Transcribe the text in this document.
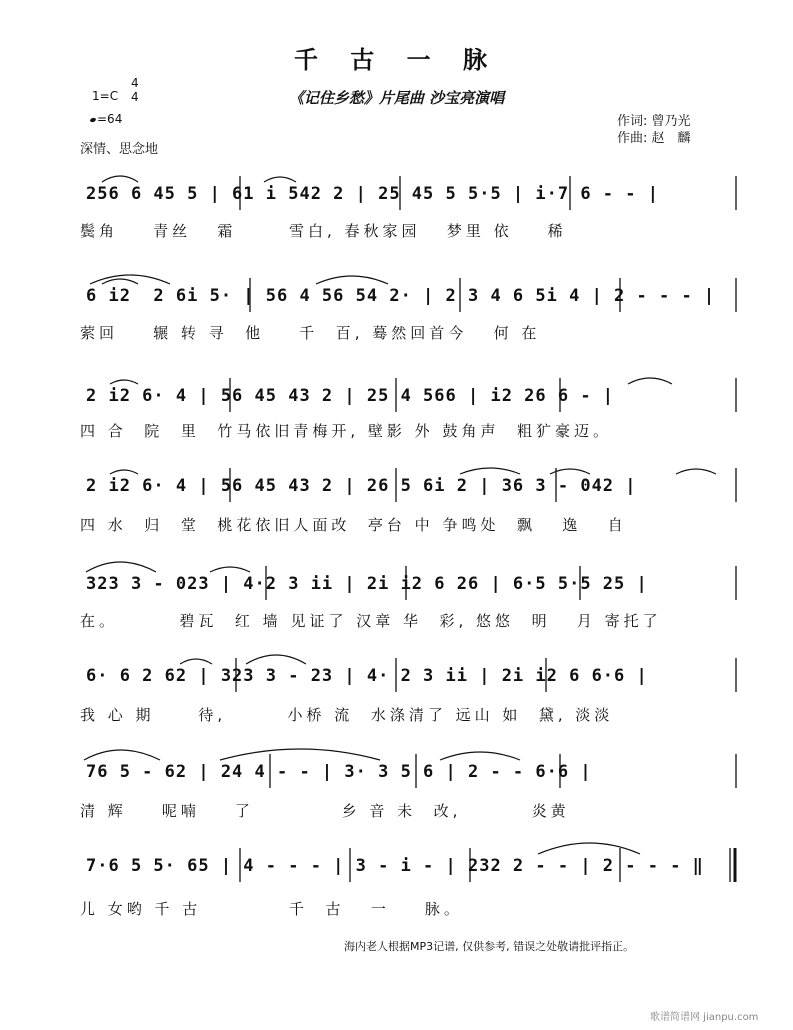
千 古 一 脉
《记住乡愁》片尾曲 沙宝亮演唱
1=C
4
4
=64
深情、思念地
作词: 曾乃光
作曲: 赵　麟
256 6 45 5 | 61 i 542 2 | 25 45 5 5·5 | i·7 6 - - |
鬓角    青丝   霜      雪白, 春秋家园   梦里 依    稀
6 i2  2 6i 5· | 56 4 56 54 2· | 2 3 4 6 5i 4 | 2 - - - |
萦回    辗 转 寻  他    千  百, 蓦然回首今   何 在
2 i2 6· 4 | 56 45 43 2 | 25 4 566 | i2 26 6 - |
四 合  院  里  竹马依旧青梅开, 壁影 外 鼓角声  粗犷豪迈。
2 i2 6· 4 | 56 45 43 2 | 26 5 6i 2 | 36 3 - 042 |
四 水  归  堂  桃花依旧人面改  亭台 中 争鸣处  飘   逸   自
323 3 - 023 | 4·2 3 ii | 2i i2 6 26 | 6·5 5·5 25 |
在。       碧瓦  红 墙 见证了 汉章 华  彩, 悠悠  明   月 寄托了
6· 6 2 62 | 323 3 - 23 | 4· 2 3 ii | 2i i2 6 6·6 |
我 心 期     待,       小桥 流  水涤清了 远山 如  黛, 淡淡
76 5 - 62 | 24 4 - - | 3· 3 5 6 | 2 - - 6·6 |
清 辉    呢喃    了          乡 音 未  改,        炎黄
7·6 5 5· 65 | 4 - - - | 3 - i - | 232 2 - - | 2 - - - ‖
儿 女哟 千 古          千  古   一    脉。
海内老人根据MP3记谱, 仅供参考, 错误之处敬请批评指正。
歌谱简谱网 jianpu.com
